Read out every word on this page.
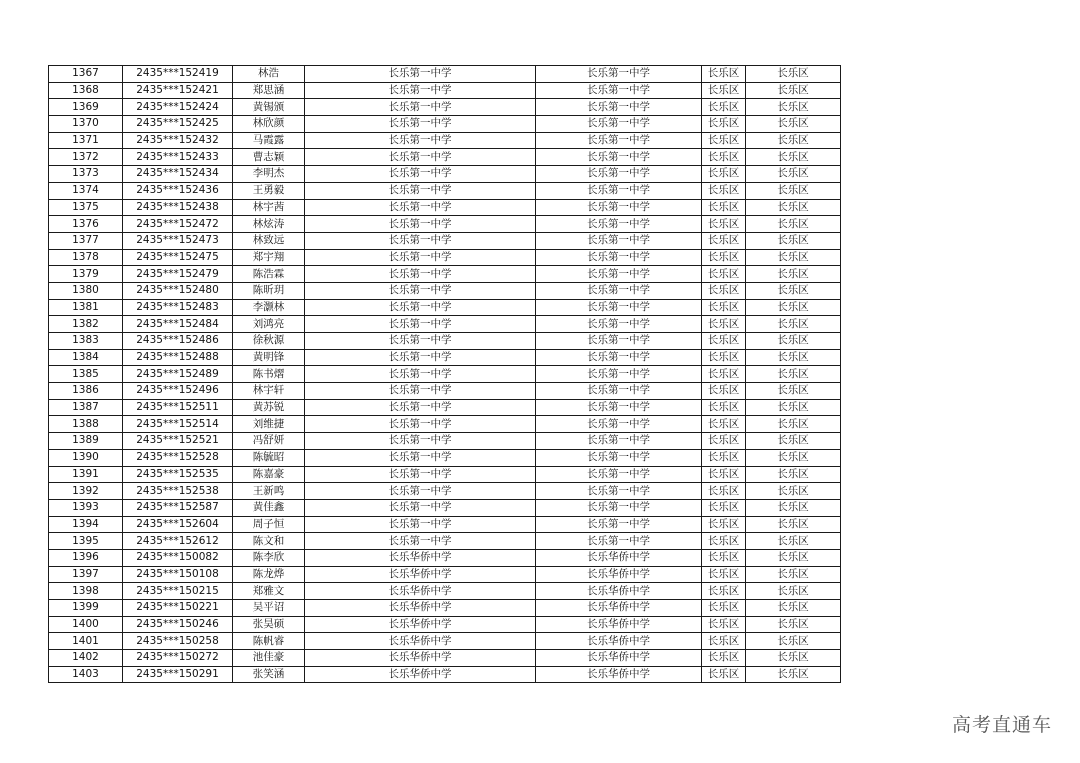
1367	2435***152419	林浩	长乐第一中学	长乐第一中学	长乐区	长乐区
1368	2435***152421	郑思涵	长乐第一中学	长乐第一中学	长乐区	长乐区
1369	2435***152424	黄锡颁	长乐第一中学	长乐第一中学	长乐区	长乐区
1370	2435***152425	林欣颜	长乐第一中学	长乐第一中学	长乐区	长乐区
1371	2435***152432	马霞露	长乐第一中学	长乐第一中学	长乐区	长乐区
1372	2435***152433	曹志颖	长乐第一中学	长乐第一中学	长乐区	长乐区
1373	2435***152434	李明杰	长乐第一中学	长乐第一中学	长乐区	长乐区
1374	2435***152436	王勇毅	长乐第一中学	长乐第一中学	长乐区	长乐区
1375	2435***152438	林宇茜	长乐第一中学	长乐第一中学	长乐区	长乐区
1376	2435***152472	林炫涛	长乐第一中学	长乐第一中学	长乐区	长乐区
1377	2435***152473	林致远	长乐第一中学	长乐第一中学	长乐区	长乐区
1378	2435***152475	郑宇翔	长乐第一中学	长乐第一中学	长乐区	长乐区
1379	2435***152479	陈浩霖	长乐第一中学	长乐第一中学	长乐区	长乐区
1380	2435***152480	陈昕玥	长乐第一中学	长乐第一中学	长乐区	长乐区
1381	2435***152483	李灏林	长乐第一中学	长乐第一中学	长乐区	长乐区
1382	2435***152484	刘鸿亮	长乐第一中学	长乐第一中学	长乐区	长乐区
1383	2435***152486	徐秋源	长乐第一中学	长乐第一中学	长乐区	长乐区
1384	2435***152488	黄明锋	长乐第一中学	长乐第一中学	长乐区	长乐区
1385	2435***152489	陈书熠	长乐第一中学	长乐第一中学	长乐区	长乐区
1386	2435***152496	林宇轩	长乐第一中学	长乐第一中学	长乐区	长乐区
1387	2435***152511	黄苏锐	长乐第一中学	长乐第一中学	长乐区	长乐区
1388	2435***152514	刘维捷	长乐第一中学	长乐第一中学	长乐区	长乐区
1389	2435***152521	冯舒妍	长乐第一中学	长乐第一中学	长乐区	长乐区
1390	2435***152528	陈毓昭	长乐第一中学	长乐第一中学	长乐区	长乐区
1391	2435***152535	陈嘉豪	长乐第一中学	长乐第一中学	长乐区	长乐区
1392	2435***152538	王新鸣	长乐第一中学	长乐第一中学	长乐区	长乐区
1393	2435***152587	黄佳鑫	长乐第一中学	长乐第一中学	长乐区	长乐区
1394	2435***152604	周子恒	长乐第一中学	长乐第一中学	长乐区	长乐区
1395	2435***152612	陈文和	长乐第一中学	长乐第一中学	长乐区	长乐区
1396	2435***150082	陈李欣	长乐华侨中学	长乐华侨中学	长乐区	长乐区
1397	2435***150108	陈龙烨	长乐华侨中学	长乐华侨中学	长乐区	长乐区
1398	2435***150215	郑雅文	长乐华侨中学	长乐华侨中学	长乐区	长乐区
1399	2435***150221	吴平诏	长乐华侨中学	长乐华侨中学	长乐区	长乐区
1400	2435***150246	张昊硕	长乐华侨中学	长乐华侨中学	长乐区	长乐区
1401	2435***150258	陈帆睿	长乐华侨中学	长乐华侨中学	长乐区	长乐区
1402	2435***150272	池佳豪	长乐华侨中学	长乐华侨中学	长乐区	长乐区
1403	2435***150291	张笑涵	长乐华侨中学	长乐华侨中学	长乐区	长乐区
高考直通车
